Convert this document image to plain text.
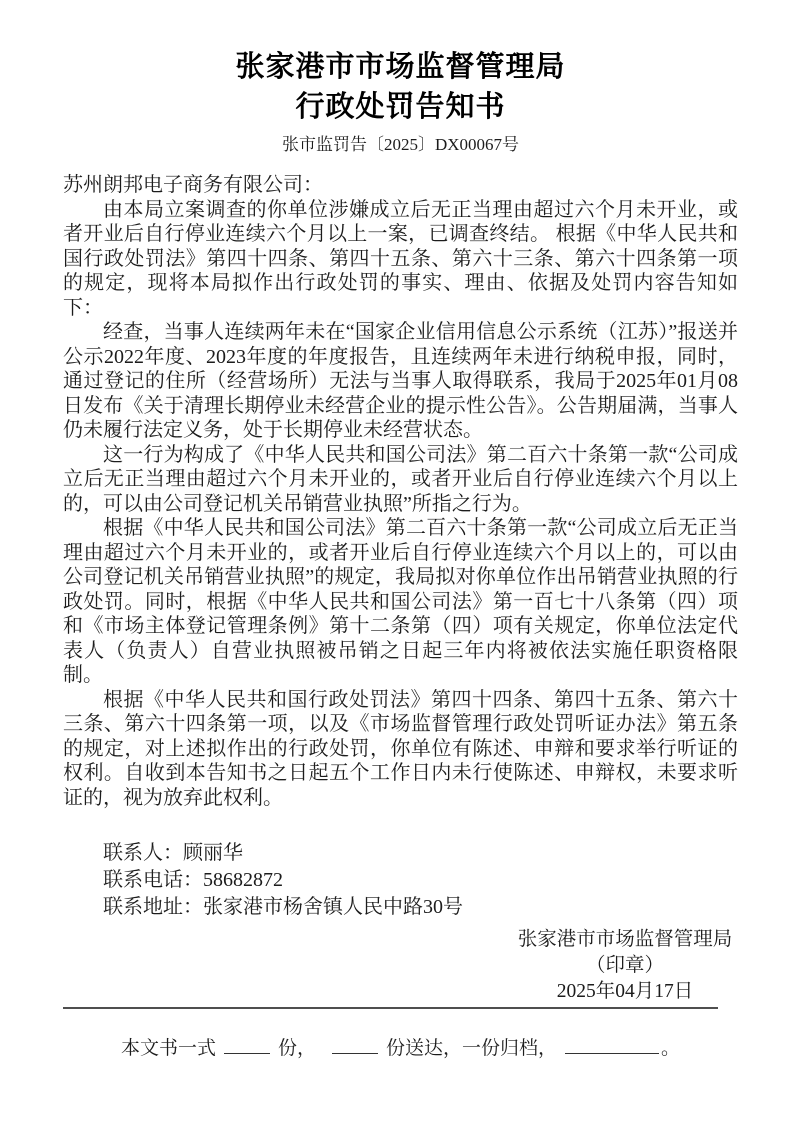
张家港市市场监督管理局
行政处罚告知书
张市监罚告〔2025〕DX00067号

苏州朗邦电子商务有限公司：

由本局立案调查的你单位涉嫌成立后无正当理由超过六个月未开业，或者开业后自行停业连续六个月以上一案，已调查终结。 根据《中华人民共和国行政处罚法》第四十四条、第四十五条、第六十三条、第六十四条第一项的规定，现将本局拟作出行政处罚的事实、理由、依据及处罚内容告知如下：

经查，当事人连续两年未在“国家企业信用信息公示系统（江苏）”报送并公示2022年度、2023年度的年度报告，且连续两年未进行纳税申报，同时，通过登记的住所（经营场所）无法与当事人取得联系，我局于2025年01月08日发布《关于清理长期停业未经营企业的提示性公告》。公告期届满，当事人仍未履行法定义务，处于长期停业未经营状态。

这一行为构成了《中华人民共和国公司法》第二百六十条第一款“公司成立后无正当理由超过六个月未开业的，或者开业后自行停业连续六个月以上的，可以由公司登记机关吊销营业执照”所指之行为。

根据《中华人民共和国公司法》第二百六十条第一款“公司成立后无正当理由超过六个月未开业的，或者开业后自行停业连续六个月以上的，可以由公司登记机关吊销营业执照”的规定，我局拟对你单位作出吊销营业执照的行政处罚。同时，根据《中华人民共和国公司法》第一百七十八条第（四）项和《市场主体登记管理条例》第十二条第（四）项有关规定，你单位法定代表人（负责人）自营业执照被吊销之日起三年内将被依法实施任职资格限制。

根据《中华人民共和国行政处罚法》第四十四条、第四十五条、第六十三条、第六十四条第一项，以及《市场监督管理行政处罚听证办法》第五条的规定，对上述拟作出的行政处罚，你单位有陈述、申辩和要求举行听证的权利。自收到本告知书之日起五个工作日内未行使陈述、申辩权，未要求听证的，视为放弃此权利。

联系人：顾丽华
联系电话：58682872
联系地址：张家港市杨舍镇人民中路30号
张家港市市场监督管理局
（印章）
2025年04月17日
本文书一式	份，	份送达，一份归档，	。
